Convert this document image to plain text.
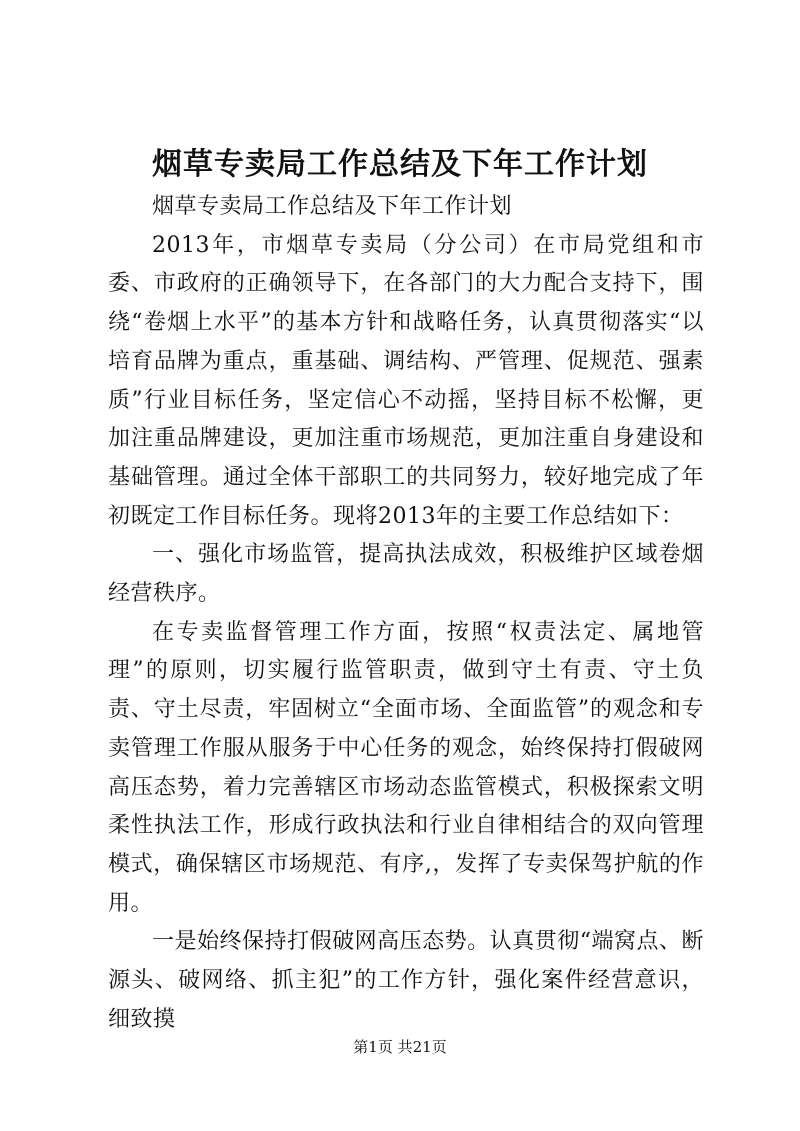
烟草专卖局工作总结及下年工作计划

烟草专卖局工作总结及下年工作计划

2013年，市烟草专卖局（分公司）在市局党组和市委、市政府的正确领导下，在各部门的大力配合支持下，围绕“卷烟上水平”的基本方针和战略任务，认真贯彻落实“以培育品牌为重点，重基础、调结构、严管理、促规范、强素质”行业目标任务，坚定信心不动摇，坚持目标不松懈，更加注重品牌建设，更加注重市场规范，更加注重自身建设和基础管理。通过全体干部职工的共同努力，较好地完成了年初既定工作目标任务。现将2013年的主要工作总结如下：

一、强化市场监管，提高执法成效，积极维护区域卷烟经营秩序。

在专卖监督管理工作方面，按照“权责法定、属地管理”的原则，切实履行监管职责，做到守土有责、守土负责、守土尽责，牢固树立“全面市场、全面监管”的观念和专卖管理工作服从服务于中心任务的观念，始终保持打假破网高压态势，着力完善辖区市场动态监管模式，积极探索文明柔性执法工作，形成行政执法和行业自律相结合的双向管理模式，确保辖区市场规范、有序,，发挥了专卖保驾护航的作用。

一是始终保持打假破网高压态势。认真贯彻“端窝点、断源头、破网络、抓主犯”的工作方针，强化案件经营意识，细致摸

第1页 共21页
